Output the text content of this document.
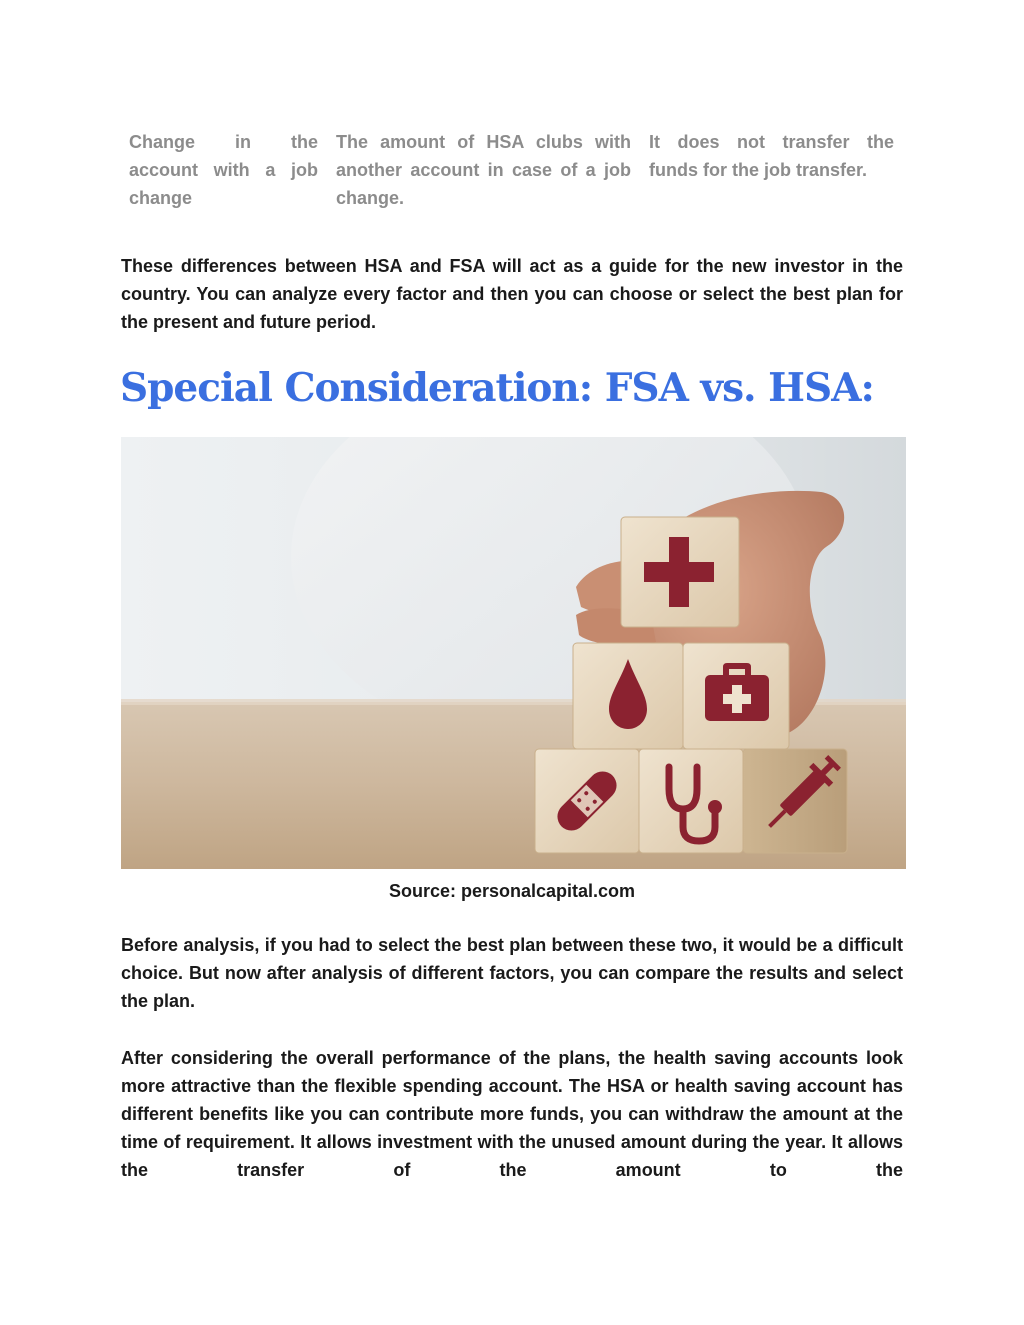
Change in the account with a job change
The amount of HSA clubs with another account in case of a job change.
It does not transfer the funds for the job transfer.

These differences between HSA and FSA will act as a guide for the new investor in the country. You can analyze every factor and then you can choose or select the best plan for the present and future period.

Special Consideration: FSA vs. HSA:
Source: personalcapital.com

Before analysis, if you had to select the best plan between these two, it would be a difficult choice. But now after analysis of different factors, you can compare the results and select the plan.

After considering the overall performance of the plans, the health saving accounts look more attractive than the flexible spending account. The HSA or health saving account has different benefits like you can contribute more funds, you can withdraw the amount at the time of requirement. It allows investment with the unused amount during the year. It allows the transfer of the amount to the
